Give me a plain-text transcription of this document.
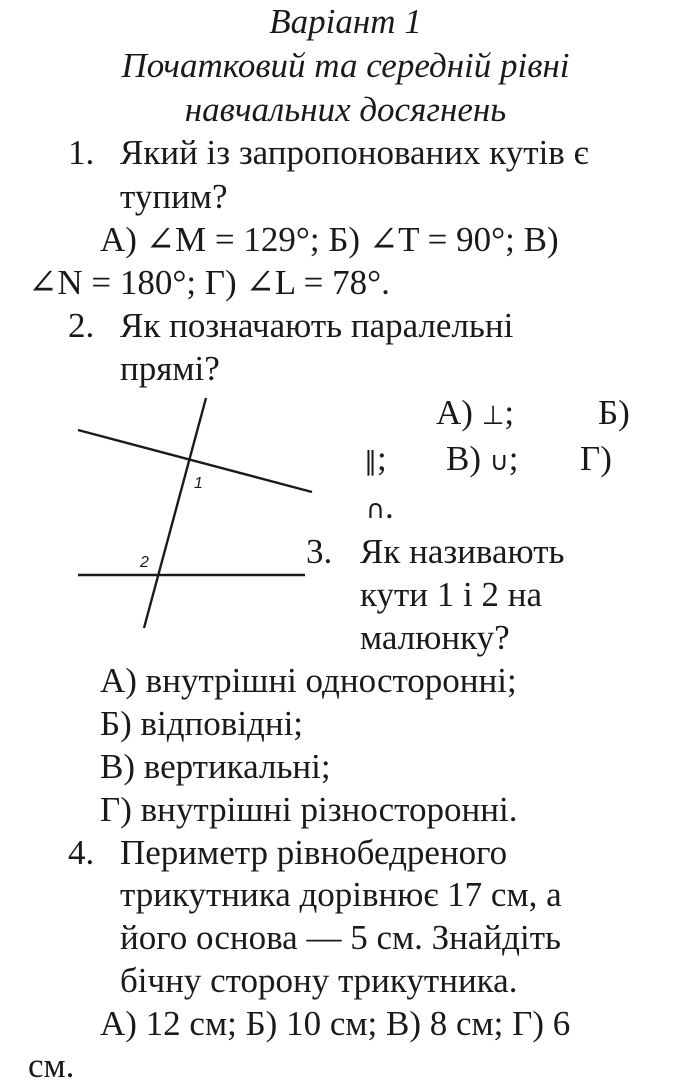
Варіант 1
Початковий та середній рівні
навчальних досягнень
1. Який із запропонованих кутів є
тупим?
А) ∠M = 129°; Б) ∠T = 90°; В)
∠N = 180°; Г) ∠L = 78°.
2. Як позначають паралельні
прямі?
А) ⊥; Б)
∥; В) ∪; Г)
∩.
1
2	3. Як називають
кути 1 і 2 на
малюнку?
А) внутрішні односторонні;
Б) відповідні;
В) вертикальні;
Г) внутрішні різносторонні.
4. Периметр рівнобедреного
трикутника дорівнює 17 см, а
його основа — 5 см. Знайдіть
бічну сторону трикутника.
А) 12 см; Б) 10 см; В) 8 см; Г) 6
см.
